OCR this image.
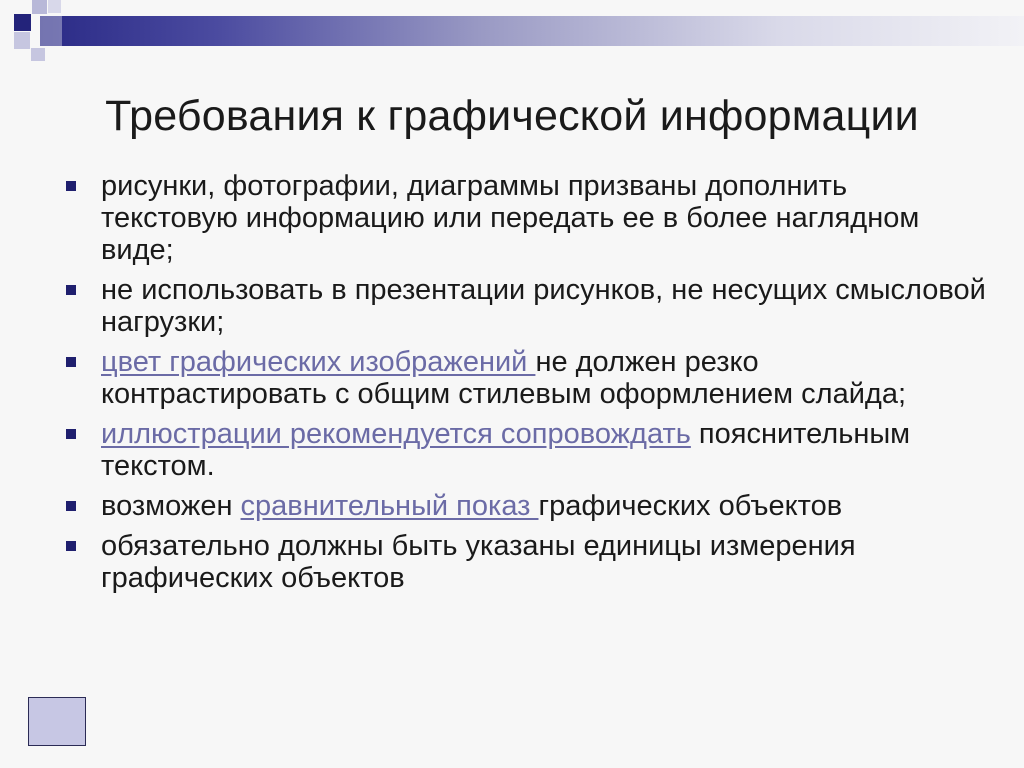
Требования к графической информации
рисунки, фотографии, диаграммы призваны дополнить текстовую информацию или передать ее в более наглядном виде;
не использовать в презентации рисунков, не несущих смысловой нагрузки;
цвет графических изображений не должен резко контрастировать с общим стилевым оформлением слайда;
иллюстрации рекомендуется сопровождать пояснительным текстом.
возможен сравнительный показ графических объектов
обязательно должны быть указаны единицы измерения графических объектов
